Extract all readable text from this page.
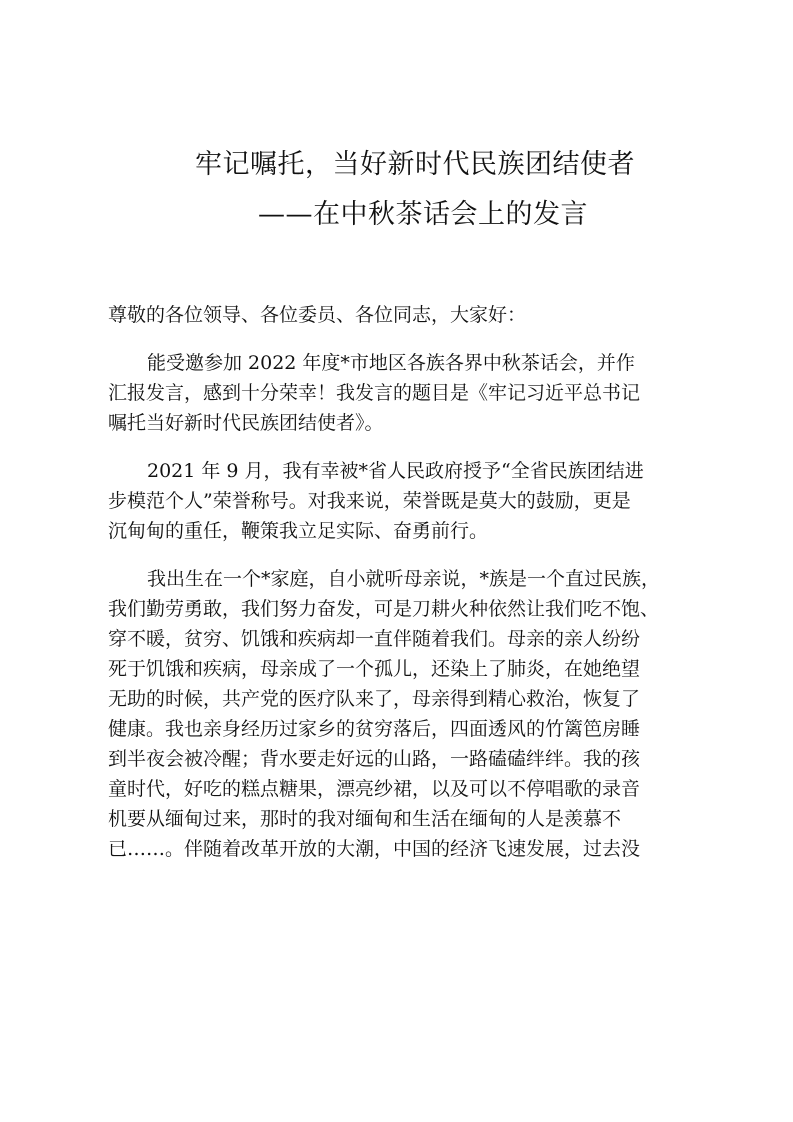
牢记嘱托，当好新时代民族团结使者
——在中秋茶话会上的发言
尊敬的各位领导、各位委员、各位同志，大家好：
能受邀参加 2022 年度*市地区各族各界中秋茶话会，并作
汇报发言，感到十分荣幸！我发言的题目是《牢记习近平总书记
嘱托当好新时代民族团结使者》。
2021 年 9 月，我有幸被*省人民政府授予“全省民族团结进
步模范个人”荣誉称号。对我来说，荣誉既是莫大的鼓励，更是
沉甸甸的重任，鞭策我立足实际、奋勇前行。
我出生在一个*家庭，自小就听母亲说，*族是一个直过民族，
我们勤劳勇敢，我们努力奋发，可是刀耕火种依然让我们吃不饱、
穿不暖，贫穷、饥饿和疾病却一直伴随着我们。母亲的亲人纷纷
死于饥饿和疾病，母亲成了一个孤儿，还染上了肺炎，在她绝望
无助的时候，共产党的医疗队来了，母亲得到精心救治，恢复了
健康。我也亲身经历过家乡的贫穷落后，四面透风的竹篱笆房睡
到半夜会被冷醒；背水要走好远的山路，一路磕磕绊绊。我的孩
童时代，好吃的糕点糖果，漂亮纱裙，以及可以不停唱歌的录音
机要从缅甸过来，那时的我对缅甸和生活在缅甸的人是羡慕不
已……。伴随着改革开放的大潮，中国的经济飞速发展，过去没
